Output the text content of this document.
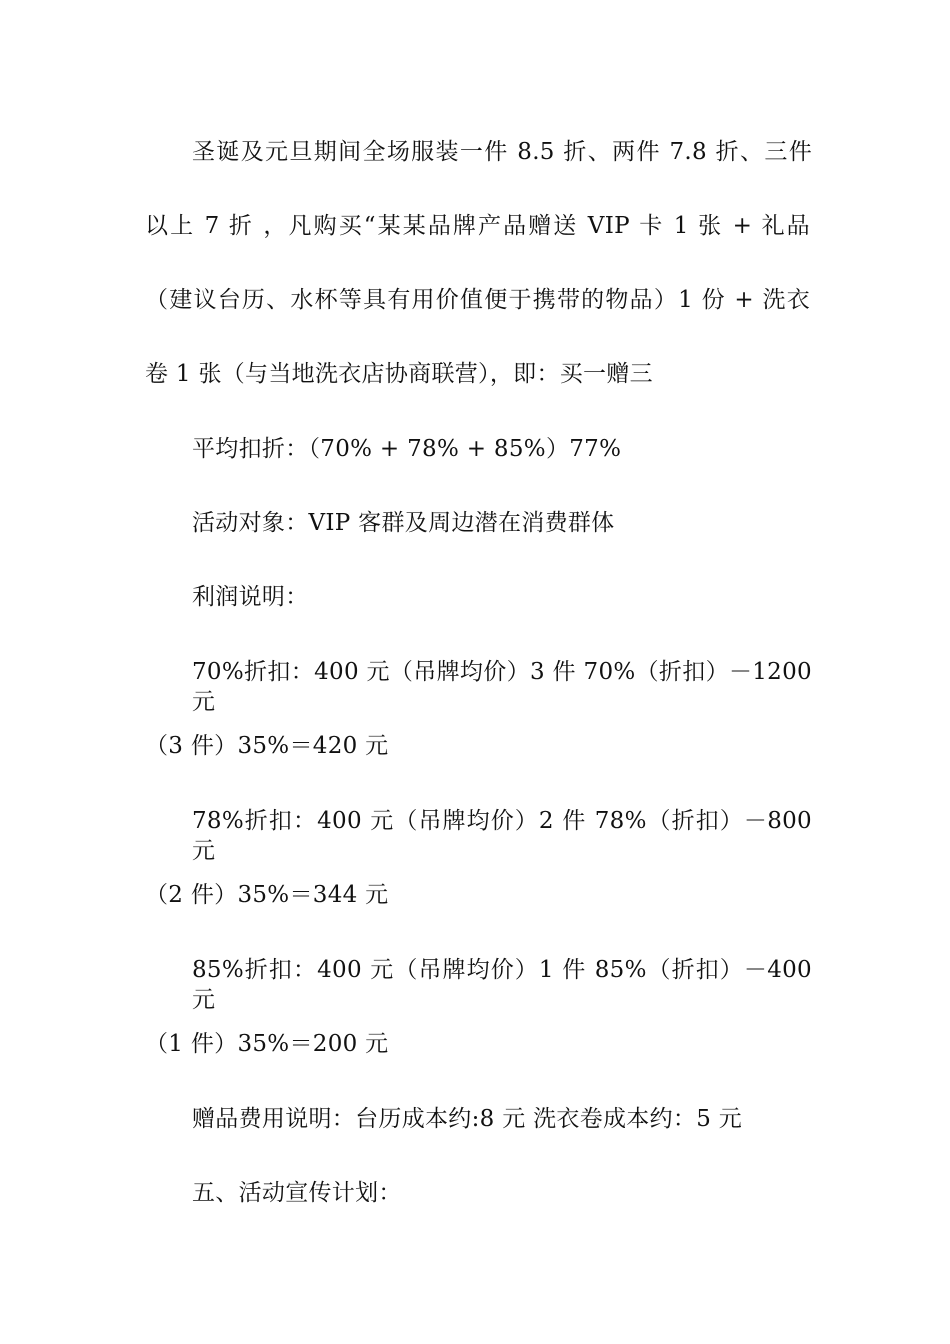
圣诞及元旦期间全场服装一件 8.5 折、两件 7.8 折、三件
以上 7 折 ，凡购买“某某品牌产品赠送 VIP 卡 1 张 + 礼品
（建议台历、水杯等具有用价值便于携带的物品）1 份 + 洗衣
卷 1 张（与当地洗衣店协商联营），即：买一赠三
平均扣折：（70% + 78% + 85%）77%
活动对象：VIP 客群及周边潜在消费群体
利润说明：
70%折扣：400 元（吊牌均价）3 件 70%（折扣）－1200 元
（3 件）35%＝420 元
78%折扣：400 元（吊牌均价）2 件 78%（折扣）－800 元
（2 件）35%＝344 元
85%折扣：400 元（吊牌均价）1 件 85%（折扣）－400 元
（1 件）35%＝200 元
赠品费用说明：台历成本约:8 元 洗衣卷成本约：5 元
五、活动宣传计划：
